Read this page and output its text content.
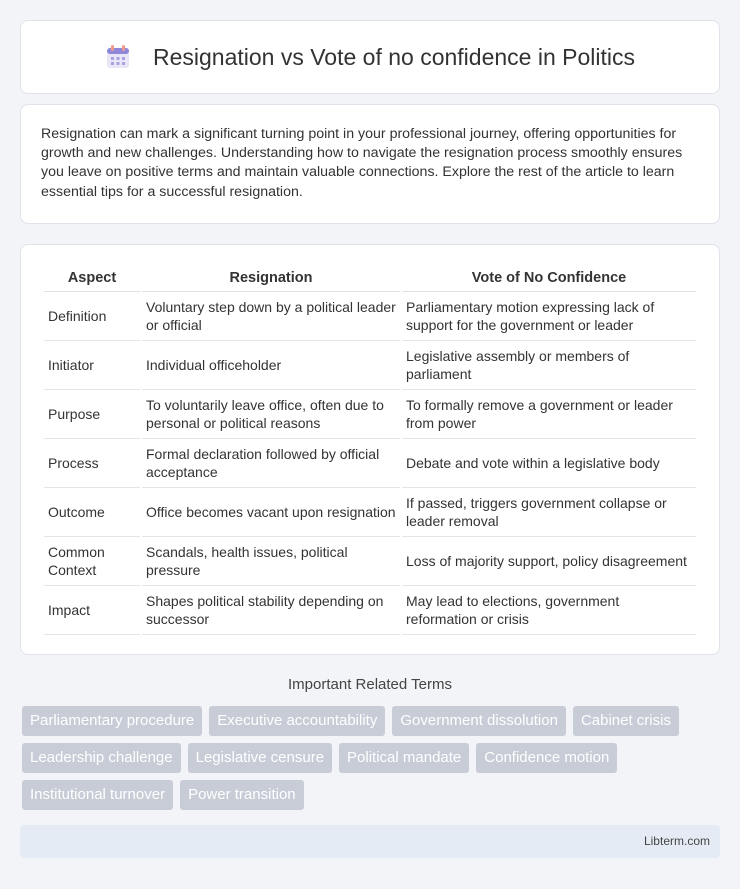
Resignation vs Vote of no confidence in Politics

Resignation can mark a significant turning point in your professional journey, offering opportunities for growth and new challenges. Understanding how to navigate the resignation process smoothly ensures you leave on positive terms and maintain valuable connections. Explore the rest of the article to learn essential tips for a successful resignation.

Aspect	Resignation	Vote of No Confidence
Definition	Voluntary step down by a political leader or official	Parliamentary motion expressing lack of support for the government or leader
Initiator	Individual officeholder	Legislative assembly or members of parliament
Purpose	To voluntarily leave office, often due to personal or political reasons	To formally remove a government or leader from power
Process	Formal declaration followed by official acceptance	Debate and vote within a legislative body
Outcome	Office becomes vacant upon resignation	If passed, triggers government collapse or leader removal
Common Context	Scandals, health issues, political pressure	Loss of majority support, policy disagreement
Impact	Shapes political stability depending on successor	May lead to elections, government reformation or crisis
Important Related Terms
Parliamentary procedure	Executive accountability	Government dissolution	Cabinet crisis
Leadership challenge	Legislative censure	Political mandate	Confidence motion
Institutional turnover	Power transition
Libterm.com
